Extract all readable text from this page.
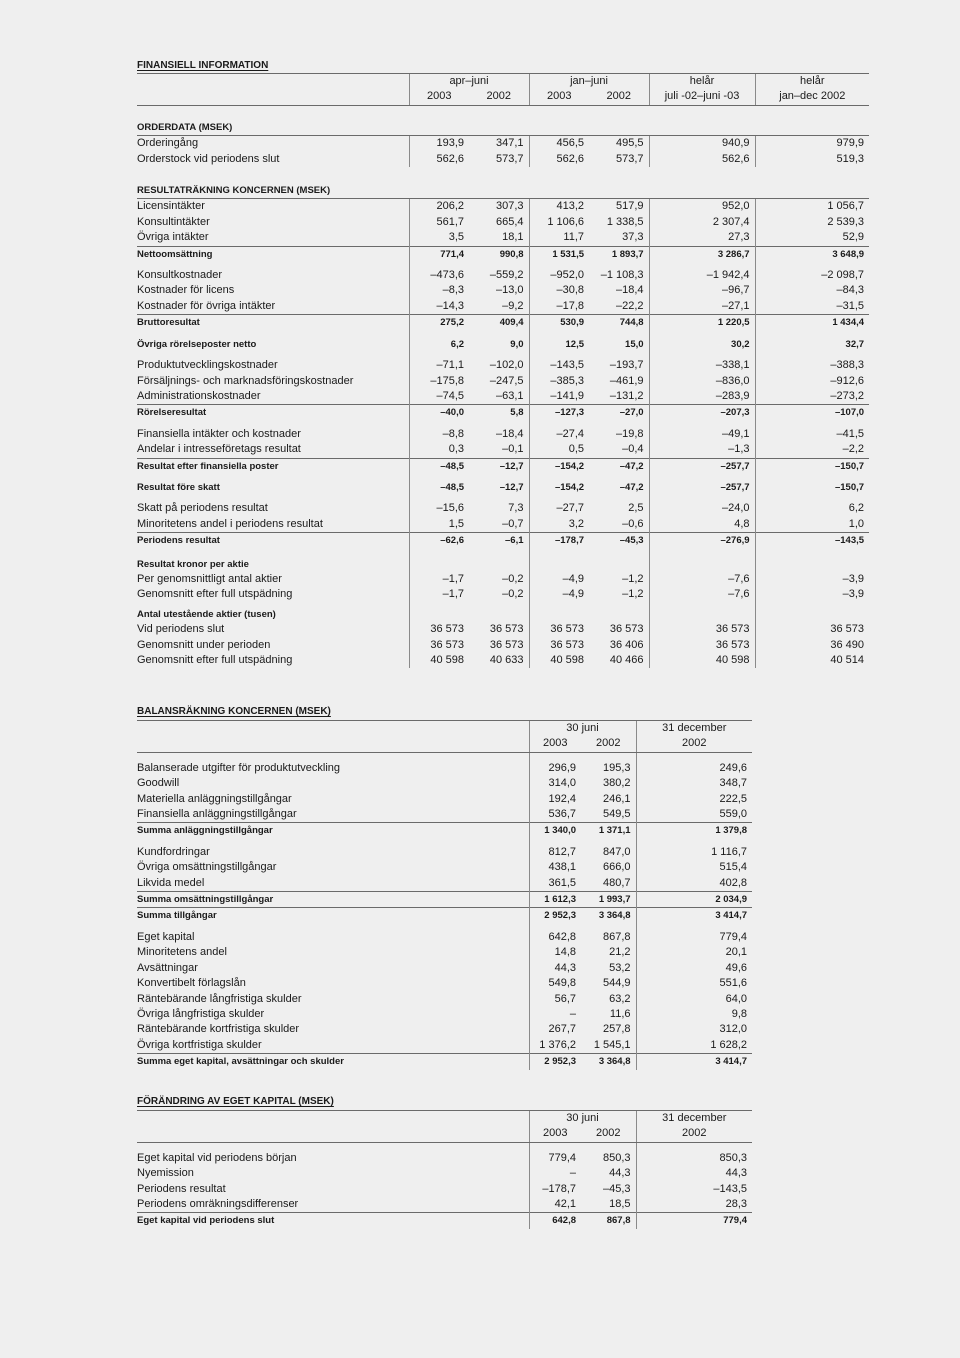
FINANSIELL INFORMATION
	apr–juni		jan–juni		helår	helår
	2003	2002	2003	2002	juli -02–juni -03	jan–dec 2002

ORDERDATA (MSEK)						
Orderingång	193,9	347,1	456,5	495,5	940,9	979,9
Orderstock vid periodens slut	562,6	573,7	562,6	573,7	562,6	519,3

RESULTATRÄKNING KONCERNEN (MSEK)						
Licensintäkter	206,2	307,3	413,2	517,9	952,0	1 056,7
Konsultintäkter	561,7	665,4	1 106,6	1 338,5	2 307,4	2 539,3
Övriga intäkter	3,5	18,1	11,7	37,3	27,3	52,9
Nettoomsättning	771,4	990,8	1 531,5	1 893,7	3 286,7	3 648,9

Konsultkostnader	–473,6	–559,2	–952,0	–1 108,3	–1 942,4	–2 098,7
Kostnader för licens	–8,3	–13,0	–30,8	–18,4	–96,7	–84,3
Kostnader för övriga intäkter	–14,3	–9,2	–17,8	–22,2	–27,1	–31,5
Bruttoresultat	275,2	409,4	530,9	744,8	1 220,5	1 434,4

Övriga rörelseposter netto	6,2	9,0	12,5	15,0	30,2	32,7

Produktutvecklingskostnader	–71,1	–102,0	–143,5	–193,7	–338,1	–388,3
Försäljnings- och marknadsföringskostnader	–175,8	–247,5	–385,3	–461,9	–836,0	–912,6
Administrationskostnader	–74,5	–63,1	–141,9	–131,2	–283,9	–273,2
Rörelseresultat	–40,0	5,8	–127,3	–27,0	–207,3	–107,0

Finansiella intäkter och kostnader	–8,8	–18,4	–27,4	–19,8	–49,1	–41,5
Andelar i intresseföretags resultat	0,3	–0,1	0,5	–0,4	–1,3	–2,2
Resultat efter finansiella poster	–48,5	–12,7	–154,2	–47,2	–257,7	–150,7

Resultat före skatt	–48,5	–12,7	–154,2	–47,2	–257,7	–150,7

Skatt på periodens resultat	–15,6	7,3	–27,7	2,5	–24,0	6,2
Minoritetens andel i periodens resultat	1,5	–0,7	3,2	–0,6	4,8	1,0
Periodens resultat	–62,6	–6,1	–178,7	–45,3	–276,9	–143,5

Resultat kronor per aktie						
Per genomsnittligt antal aktier	–1,7	–0,2	–4,9	–1,2	–7,6	–3,9
Genomsnitt efter full utspädning	–1,7	–0,2	–4,9	–1,2	–7,6	–3,9

Antal utestående aktier (tusen)						
Vid periodens slut	36 573	36 573	36 573	36 573	36 573	36 573
Genomsnitt under perioden	36 573	36 573	36 573	36 406	36 573	36 490
Genomsnitt efter full utspädning	40 598	40 633	40 598	40 466	40 598	40 514
BALANSRÄKNING KONCERNEN (MSEK)
	30 juni		31 december
	2003	2002	2002

Balanserade utgifter för produktutveckling	296,9	195,3	249,6
Goodwill	314,0	380,2	348,7
Materiella anläggningstillgångar	192,4	246,1	222,5
Finansiella anläggningstillgångar	536,7	549,5	559,0
Summa anläggningstillgångar	1 340,0	1 371,1	1 379,8

Kundfordringar	812,7	847,0	1 116,7
Övriga omsättningstillgångar	438,1	666,0	515,4
Likvida medel	361,5	480,7	402,8
Summa omsättningstillgångar	1 612,3	1 993,7	2 034,9
Summa tillgångar	2 952,3	3 364,8	3 414,7

Eget kapital	642,8	867,8	779,4
Minoritetens andel	14,8	21,2	20,1
Avsättningar	44,3	53,2	49,6
Konvertibelt förlagslån	549,8	544,9	551,6
Räntebärande långfristiga skulder	56,7	63,2	64,0
Övriga långfristiga skulder	–	11,6	9,8
Räntebärande kortfristiga skulder	267,7	257,8	312,0
Övriga kortfristiga skulder	1 376,2	1 545,1	1 628,2
Summa eget kapital, avsättningar och skulder	2 952,3	3 364,8	3 414,7
FÖRÄNDRING AV EGET KAPITAL (MSEK)
	30 juni		31 december
	2003	2002	2002

Eget kapital vid periodens början	779,4	850,3	850,3
Nyemission	–	44,3	44,3
Periodens resultat	–178,7	–45,3	–143,5
Periodens omräkningsdifferenser	42,1	18,5	28,3
Eget kapital vid periodens slut	642,8	867,8	779,4
